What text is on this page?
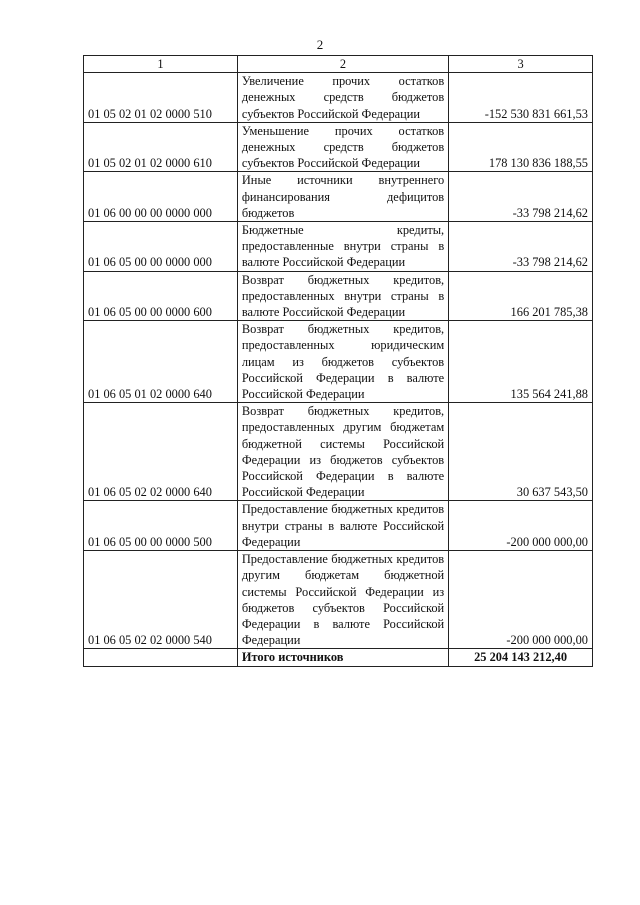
2
1	2	3
01 05 02 01 02 0000 510	Увеличение прочих остатков денежных средств бюджетов субъектов Российской Федерации	-152 530 831 661,53
01 05 02 01 02 0000 610	Уменьшение прочих остатков денежных средств бюджетов субъектов Российской Федерации	178 130 836 188,55
01 06 00 00 00 0000 000	Иные источники внутреннего финансирования дефицитов бюджетов	-33 798 214,62
01 06 05 00 00 0000 000	Бюджетные кредиты, предоставленные внутри страны в валюте Российской Федерации	-33 798 214,62
01 06 05 00 00 0000 600	Возврат бюджетных кредитов, предоставленных внутри страны в валюте Российской Федерации	166 201 785,38
01 06 05 01 02 0000 640	Возврат бюджетных кредитов, предоставленных юридическим лицам из бюджетов субъектов Российской Федерации в валюте Российской Федерации	135 564 241,88
01 06 05 02 02 0000 640	Возврат бюджетных кредитов, предоставленных другим бюджетам бюджетной системы Российской Федерации из бюджетов субъектов Российской Федерации в валюте Российской Федерации	30 637 543,50
01 06 05 00 00 0000 500	Предоставление бюджетных кредитов внутри страны в валюте Российской Федерации	-200 000 000,00
01 06 05 02 02 0000 540	Предоставление бюджетных кредитов другим бюджетам бюджетной системы Российской Федерации из бюджетов субъектов Российской Федерации в валюте Российской Федерации	-200 000 000,00
	Итого источников	25 204 143 212,40
